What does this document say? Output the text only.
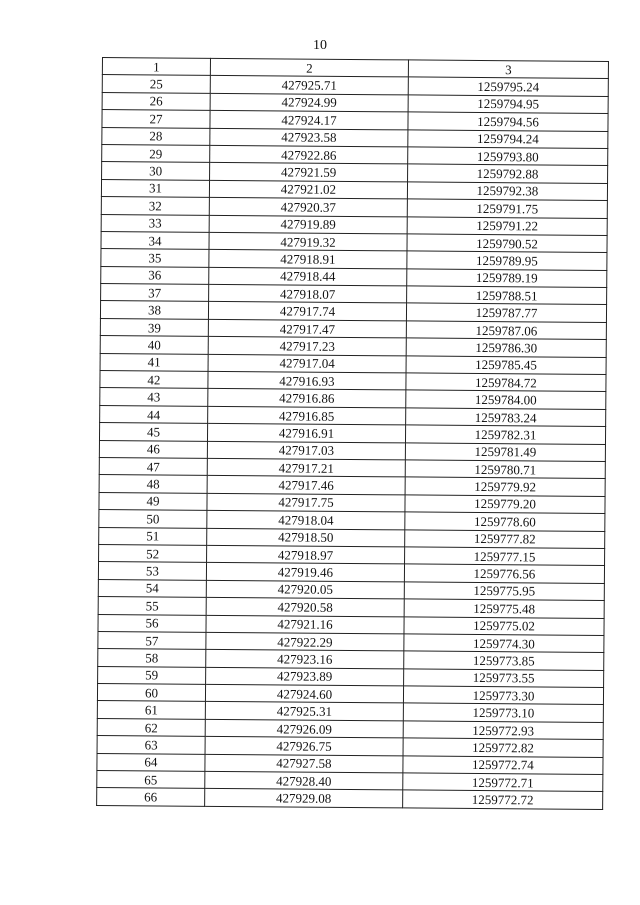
10
1	2	3
25	427925.71	1259795.24
26	427924.99	1259794.95
27	427924.17	1259794.56
28	427923.58	1259794.24
29	427922.86	1259793.80
30	427921.59	1259792.88
31	427921.02	1259792.38
32	427920.37	1259791.75
33	427919.89	1259791.22
34	427919.32	1259790.52
35	427918.91	1259789.95
36	427918.44	1259789.19
37	427918.07	1259788.51
38	427917.74	1259787.77
39	427917.47	1259787.06
40	427917.23	1259786.30
41	427917.04	1259785.45
42	427916.93	1259784.72
43	427916.86	1259784.00
44	427916.85	1259783.24
45	427916.91	1259782.31
46	427917.03	1259781.49
47	427917.21	1259780.71
48	427917.46	1259779.92
49	427917.75	1259779.20
50	427918.04	1259778.60
51	427918.50	1259777.82
52	427918.97	1259777.15
53	427919.46	1259776.56
54	427920.05	1259775.95
55	427920.58	1259775.48
56	427921.16	1259775.02
57	427922.29	1259774.30
58	427923.16	1259773.85
59	427923.89	1259773.55
60	427924.60	1259773.30
61	427925.31	1259773.10
62	427926.09	1259772.93
63	427926.75	1259772.82
64	427927.58	1259772.74
65	427928.40	1259772.71
66	427929.08	1259772.72
